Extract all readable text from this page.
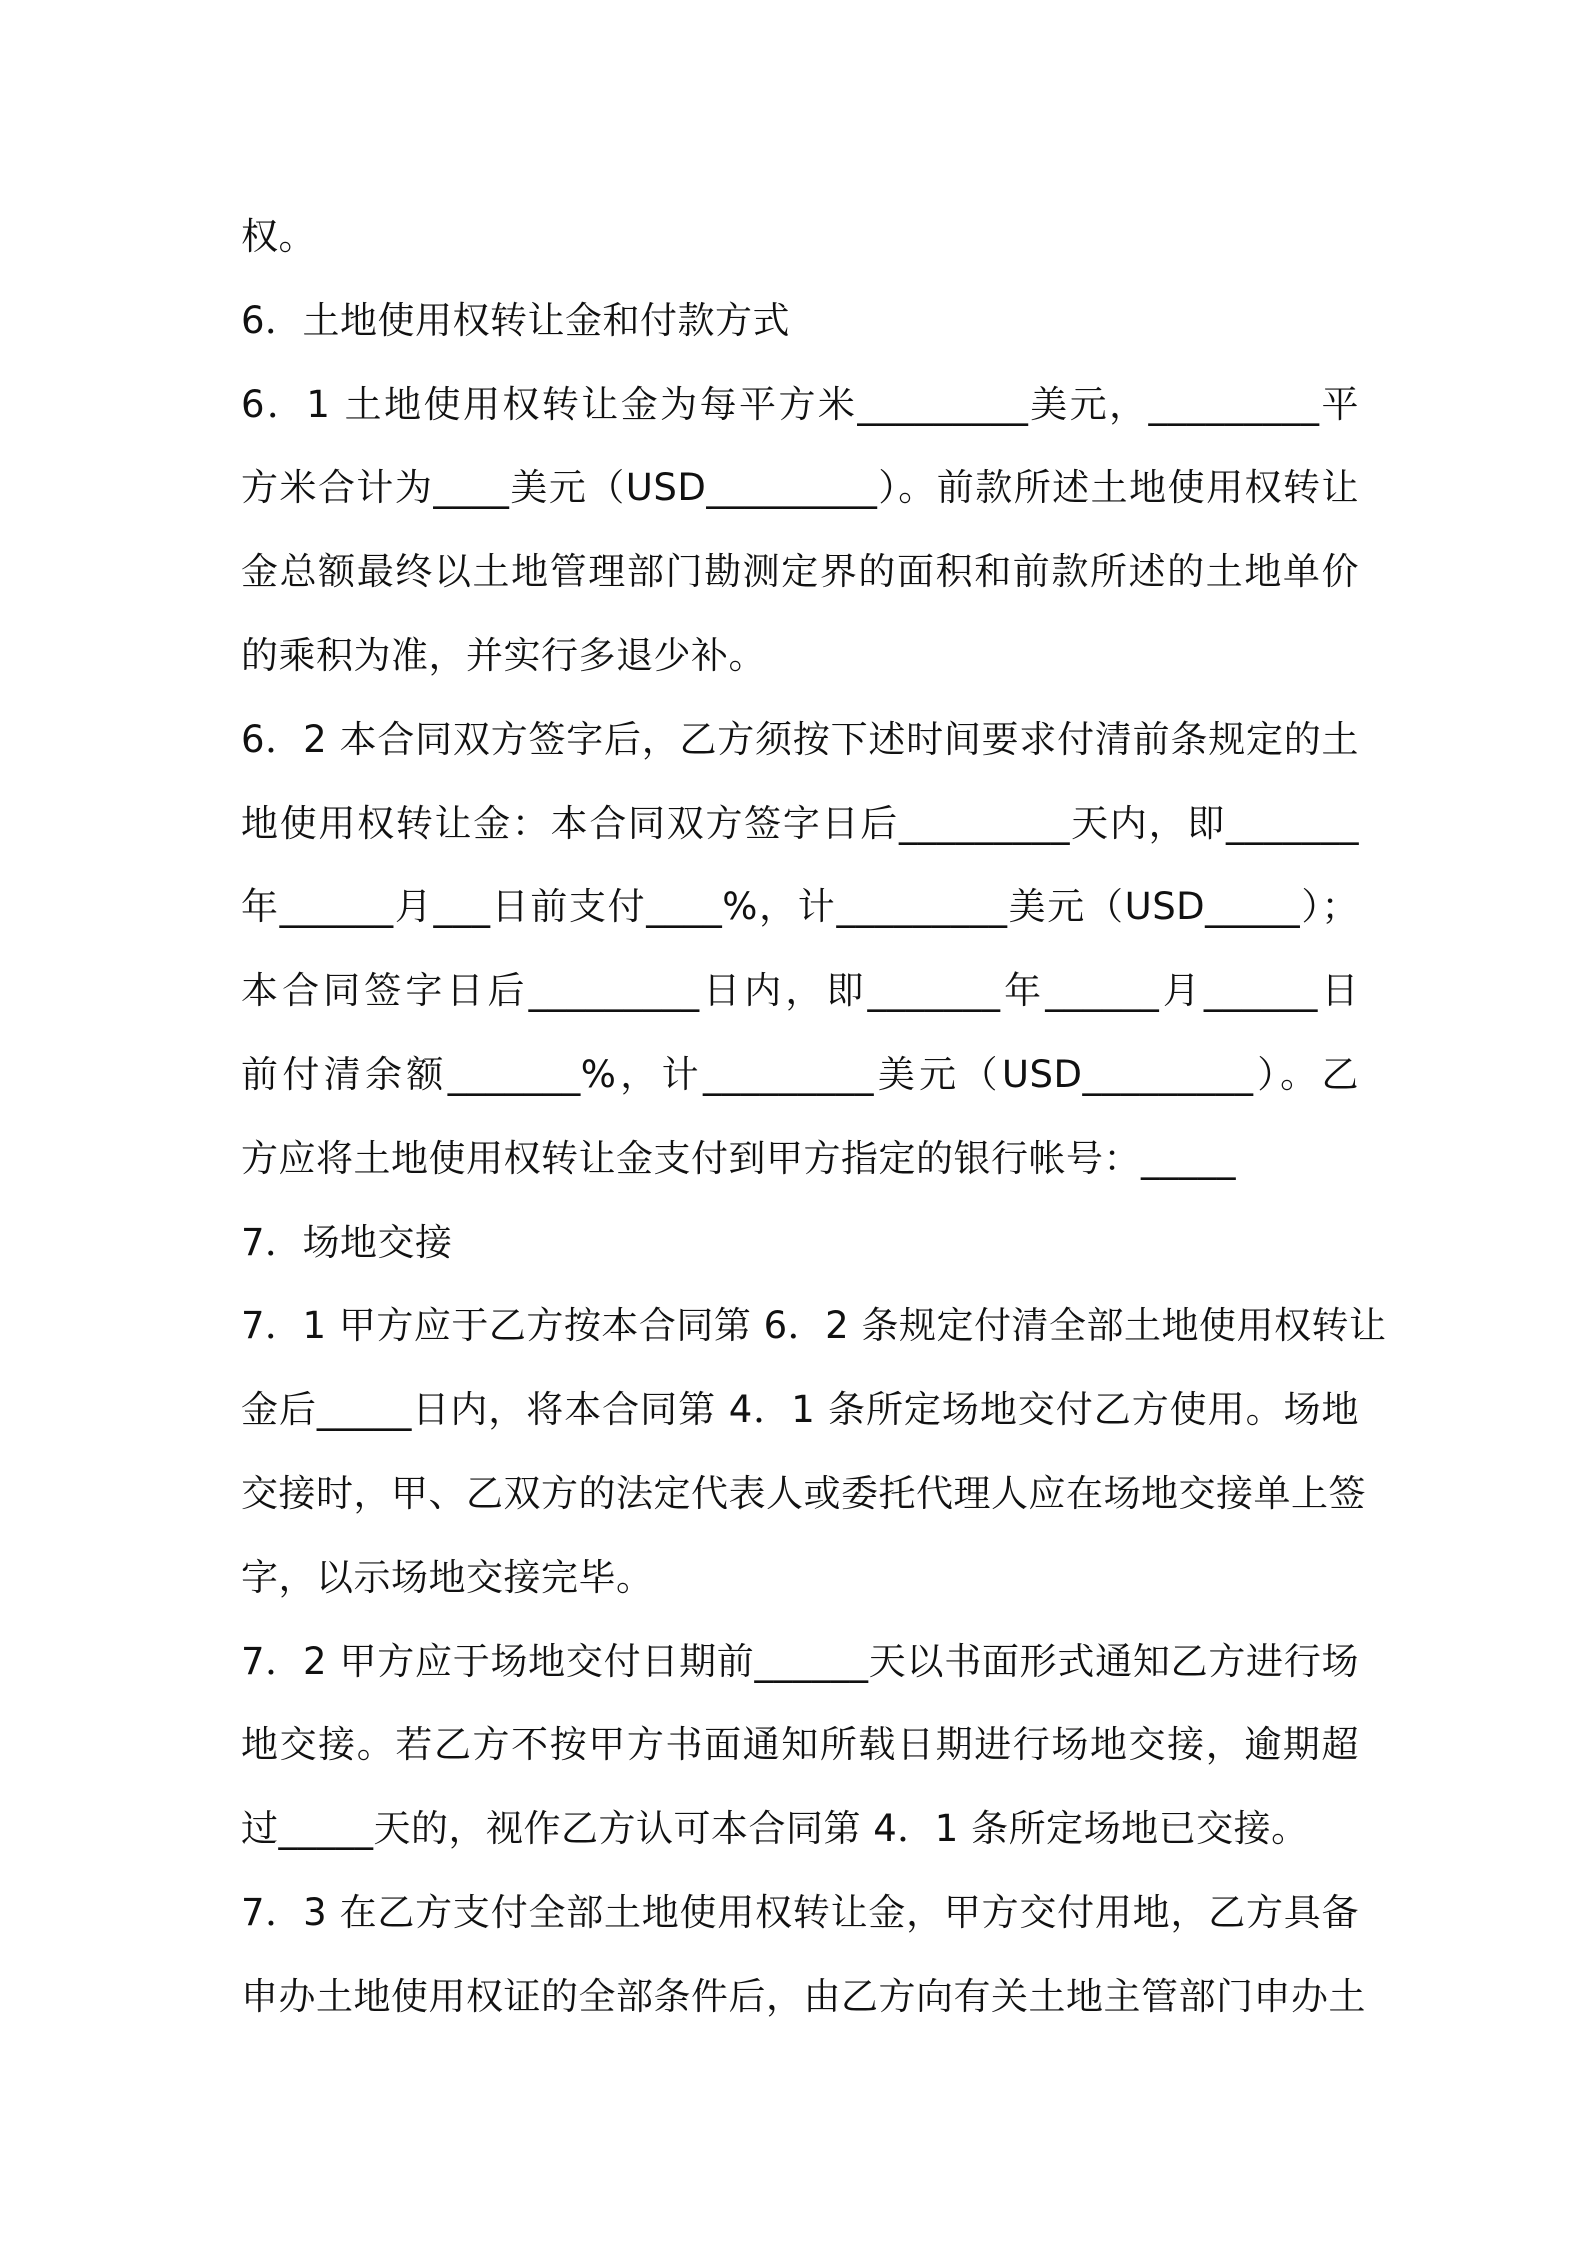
权。
6．土地使用权转让金和付款方式
6．1 土地使用权转让金为每平方米_________美元，_________平
方米合计为____美元（USD_________）。前款所述土地使用权转让
金总额最终以土地管理部门勘测定界的面积和前款所述的土地单价
的乘积为准，并实行多退少补。
6．2 本合同双方签字后，乙方须按下述时间要求付清前条规定的土
地使用权转让金：本合同双方签字日后_________天内，即_______
年______月___日前支付____%，计_________美元（USD_____）；
本合同签字日后_________日内，即_______年______月______日
前付清余额_______%，计_________美元（USD_________）。乙
方应将土地使用权转让金支付到甲方指定的银行帐号：_____
7．场地交接
7．1 甲方应于乙方按本合同第 6．2 条规定付清全部土地使用权转让
金后_____日内，将本合同第 4．1 条所定场地交付乙方使用。场地
交接时，甲、乙双方的法定代表人或委托代理人应在场地交接单上签
字，以示场地交接完毕。
7．2 甲方应于场地交付日期前______天以书面形式通知乙方进行场
地交接。若乙方不按甲方书面通知所载日期进行场地交接，逾期超
过_____天的，视作乙方认可本合同第 4．1 条所定场地已交接。
7．3 在乙方支付全部土地使用权转让金，甲方交付用地，乙方具备
申办土地使用权证的全部条件后，由乙方向有关土地主管部门申办土
